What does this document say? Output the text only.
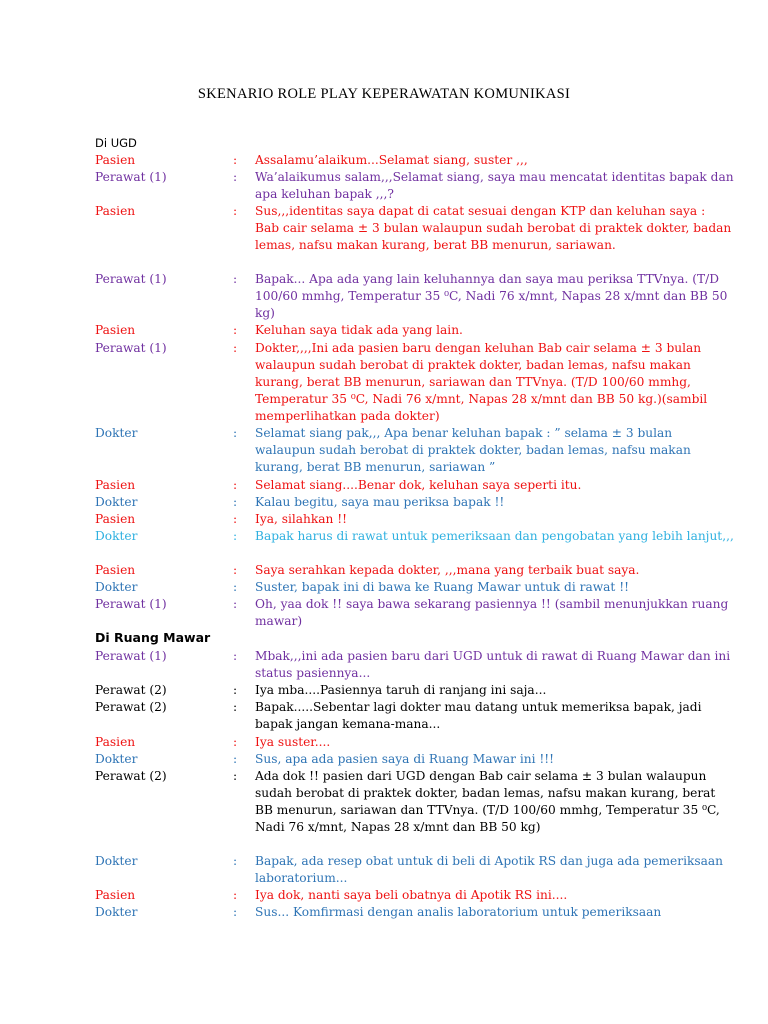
SKENARIO ROLE PLAY KEPERAWATAN KOMUNIKASI
Di UGD
Di Ruang Mawar
Pasien	:	Assalamu’alaikum...Selamat siang, suster ,,,
Perawat (1)	:	Wa’alaikumus salam,,,Selamat siang, saya mau mencatat identitas bapak dan apa keluhan bapak ,,,?
Pasien	:	Sus,,,identitas saya dapat di catat sesuai dengan KTP dan keluhan saya :
Bab cair selama ± 3 bulan walaupun sudah berobat di praktek dokter, badan lemas, nafsu makan kurang, berat BB menurun, sariawan.
Perawat (1)	:	Bapak... Apa ada yang lain keluhannya dan saya mau periksa TTVnya. (T/D 100/60 mmhg, Temperatur 35 ⁰C, Nadi 76 x/mnt, Napas 28 x/mnt dan BB 50 kg)
Pasien	:	Keluhan saya tidak ada yang lain.
Perawat (1)	:	Dokter,,,,Ini ada pasien baru dengan keluhan Bab cair selama ± 3 bulan walaupun sudah berobat di praktek dokter, badan lemas, nafsu makan kurang, berat BB menurun, sariawan dan TTVnya. (T/D 100/60 mmhg, Temperatur 35 ⁰C, Nadi 76 x/mnt, Napas 28 x/mnt dan BB 50 kg.)(sambil memperlihatkan pada dokter)
Dokter	:	Selamat siang pak,,, Apa benar keluhan bapak : ” selama ± 3 bulan walaupun sudah berobat di praktek dokter, badan lemas, nafsu makan kurang, berat BB menurun, sariawan ”
Pasien	:	Selamat siang....Benar dok, keluhan saya seperti itu.
Dokter	:	Kalau begitu, saya mau periksa bapak !!
Pasien	:	Iya, silahkan !!
Dokter	:	Bapak harus di rawat untuk pemeriksaan dan pengobatan yang lebih lanjut,,,
Pasien	:	Saya serahkan kepada dokter, ,,,mana yang terbaik buat saya.
Dokter	:	Suster, bapak ini di bawa ke Ruang Mawar untuk di rawat !!
Perawat (1)	:	Oh, yaa dok !! saya bawa sekarang pasiennya !! (sambil menunjukkan ruang mawar)
Perawat (1)	:	Mbak,,,ini ada pasien baru dari UGD untuk di rawat di Ruang Mawar dan ini status pasiennya...
Perawat (2)	:	Iya mba....Pasiennya taruh di ranjang ini saja...
Perawat (2)	:	Bapak.....Sebentar lagi dokter mau datang untuk memeriksa bapak, jadi bapak jangan kemana-mana...
Pasien	:	Iya suster....
Dokter	:	Sus, apa ada pasien saya di Ruang Mawar ini !!!
Perawat (2)	:	Ada dok !! pasien dari UGD dengan Bab cair selama ± 3 bulan walaupun sudah berobat di praktek dokter, badan lemas, nafsu makan kurang, berat BB menurun, sariawan dan TTVnya. (T/D 100/60 mmhg, Temperatur 35 ⁰C, Nadi 76 x/mnt, Napas 28 x/mnt dan BB 50 kg)
Dokter	:	Bapak, ada resep obat untuk di beli di Apotik RS dan juga ada pemeriksaan laboratorium...
Pasien	:	Iya dok, nanti saya beli obatnya di Apotik RS ini....
Dokter	:	Sus... Komfirmasi dengan analis laboratorium untuk pemeriksaan
